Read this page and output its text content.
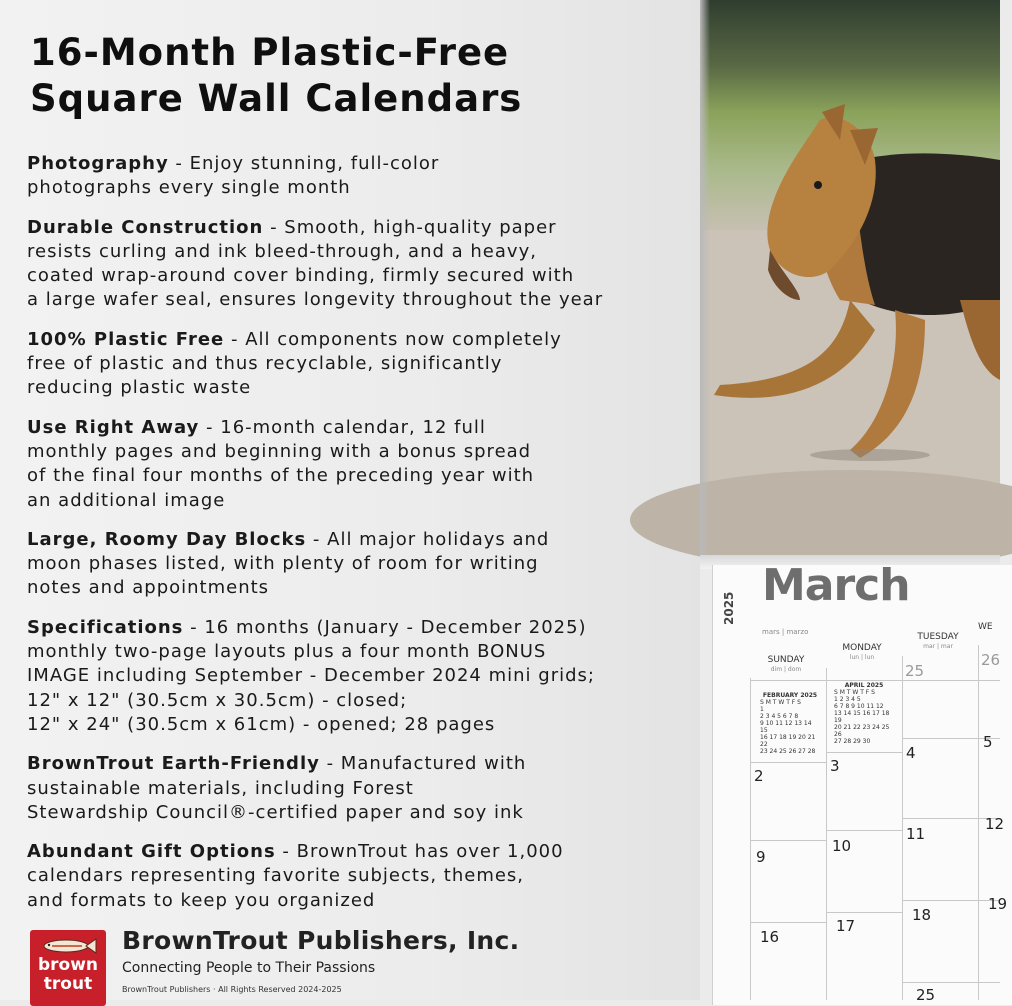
16-Month Plastic-Free
Square Wall Calendars
Photography - Enjoy stunning, full-color
photographs every single month
Durable Construction - Smooth, high-quality paper
resists curling and ink bleed-through, and a heavy,
coated wrap-around cover binding, firmly secured with
a large wafer seal, ensures longevity throughout the year
100% Plastic Free - All components now completely
free of plastic and thus recyclable, significantly
reducing plastic waste
Use Right Away - 16-month calendar, 12 full
monthly pages and beginning with a bonus spread
of the final four months of the preceding year with
an additional image
Large, Roomy Day Blocks - All major holidays and
moon phases listed, with plenty of room for writing
notes and appointments
Specifications - 16 months (January - December 2025)
monthly two-page layouts plus a four month BONUS
IMAGE including September - December 2024 mini grids;
12" x 12" (30.5cm x 30.5cm) - closed;
12" x 24" (30.5cm x 61cm) - opened; 28 pages
BrownTrout Earth-Friendly - Manufactured with
sustainable materials, including Forest
Stewardship Council®-certified paper and soy ink
Abundant Gift Options - BrownTrout has over 1,000
calendars representing favorite subjects, themes,
and formats to keep you organized
brown
trout
BrownTrout Publishers, Inc.
Connecting People to Their Passions
BrownTrout Publishers · All Rights Reserved 2024-2025
2025 March
mars | marzo
SUNDAY
dim | dom
MONDAY
lun | lun
TUESDAY
mar | mar
WE
FEBRUARY 2025
S M T W T F S
1
2 3 4 5 6 7 8
9 10 11 12 13 14 15
16 17 18 19 20 21 22
23 24 25 26 27 28
APRIL 2025
S M T W T F S
1 2 3 4 5
6 7 8 9 10 11 12
13 14 15 16 17 18 19
20 21 22 23 24 25 26
27 28 29 30
25
26
2
3
4
5
9
10
11
12
16
17
18
19
25
